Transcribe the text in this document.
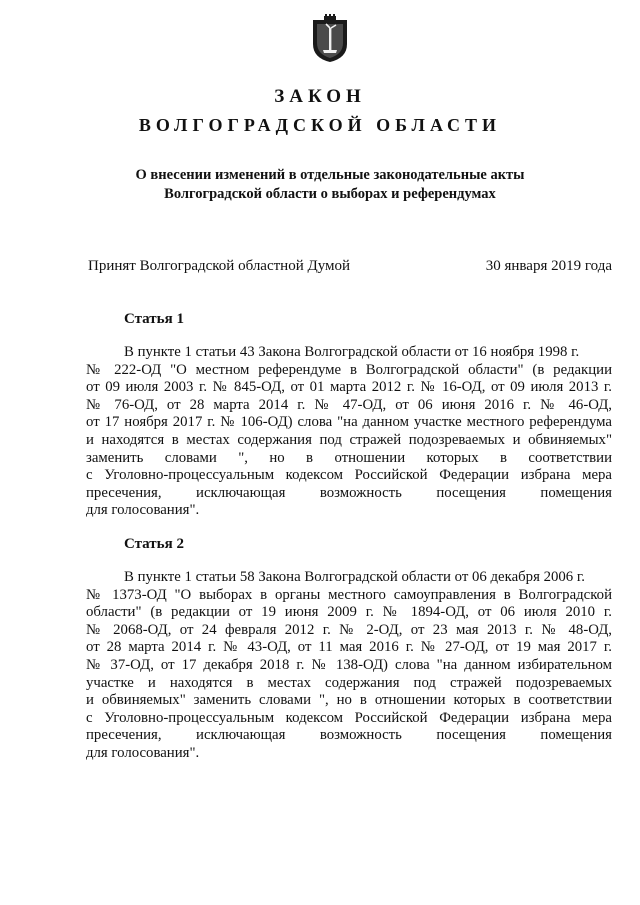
ЗАКОН
ВОЛГОГРАДСКОЙ ОБЛАСТИ
О внесении изменений в отдельные законодательные акты
Волгоградской области о выборах и референдумах
Принят Волгоградской областной Думой	30 января 2019 года
Статья 1
В пункте 1 статьи 43 Закона Волгоградской области от 16 ноября 1998 г.
№ 222-ОД "О местном референдуме в Волгоградской области" (в редакции
от 09 июля 2003 г. № 845-ОД, от 01 марта 2012 г. № 16-ОД, от 09 июля 2013 г.
№ 76-ОД, от 28 марта 2014 г. № 47-ОД, от 06 июня 2016 г. № 46-ОД,
от 17 ноября 2017 г. № 106-ОД) слова "на данном участке местного референдума
и находятся в местах содержания под стражей подозреваемых и обвиняемых"
заменить словами ", но в отношении которых в соответствии
с Уголовно-процессуальным кодексом Российской Федерации избрана мера
пресечения, исключающая возможность посещения помещения
для голосования".
Статья 2
В пункте 1 статьи 58 Закона Волгоградской области от 06 декабря 2006 г.
№ 1373-ОД "О выборах в органы местного самоуправления в Волгоградской
области" (в редакции от 19 июня 2009 г. № 1894-ОД, от 06 июля 2010 г.
№ 2068-ОД, от 24 февраля 2012 г. № 2-ОД, от 23 мая 2013 г. № 48-ОД,
от 28 марта 2014 г. № 43-ОД, от 11 мая 2016 г. № 27-ОД, от 19 мая 2017 г.
№ 37-ОД, от 17 декабря 2018 г. № 138-ОД) слова "на данном избирательном
участке и находятся в местах содержания под стражей подозреваемых
и обвиняемых" заменить словами ", но в отношении которых в соответствии
с Уголовно-процессуальным кодексом Российской Федерации избрана мера
пресечения, исключающая возможность посещения помещения
для голосования".
